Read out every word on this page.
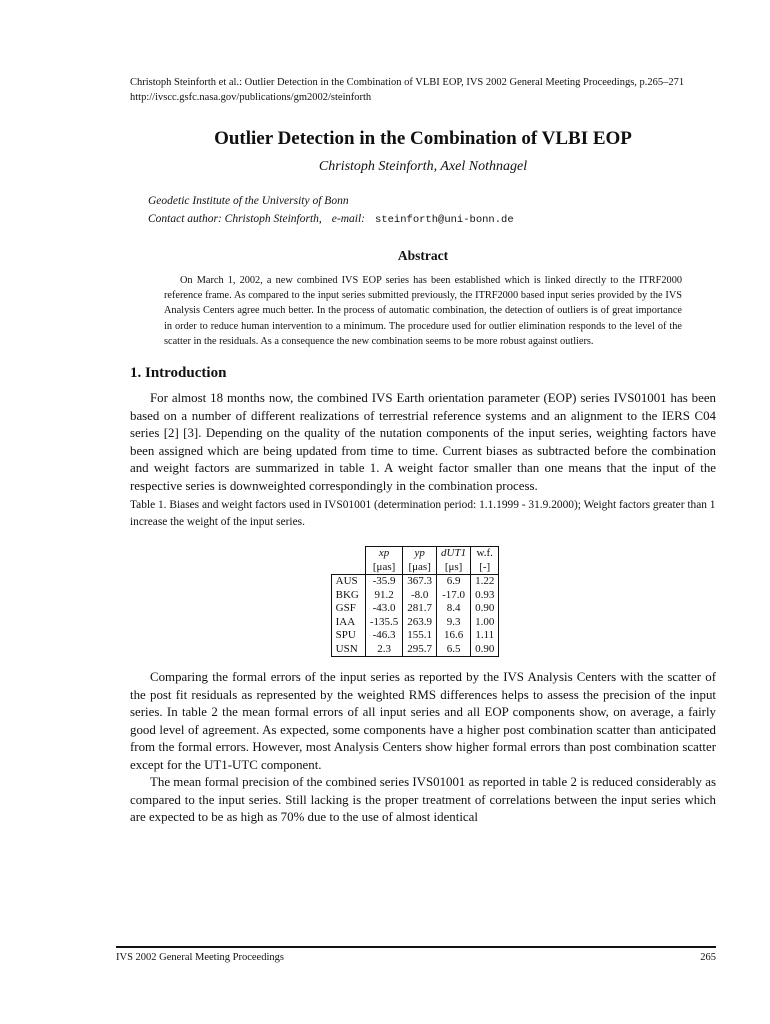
Christoph Steinforth et al.: Outlier Detection in the Combination of VLBI EOP, IVS 2002 General Meeting Proceedings, p.265–271
http://ivscc.gsfc.nasa.gov/publications/gm2002/steinforth
Outlier Detection in the Combination of VLBI EOP
Christoph Steinforth, Axel Nothnagel
Geodetic Institute of the University of Bonn
Contact author: Christoph Steinforth, e-mail: steinforth@uni-bonn.de
Abstract

On March 1, 2002, a new combined IVS EOP series has been established which is linked directly to the ITRF2000 reference frame. As compared to the input series submitted previously, the ITRF2000 based input series provided by the IVS Analysis Centers agree much better. In the process of automatic combination, the detection of outliers is of great importance in order to reduce human intervention to a minimum. The procedure used for outlier elimination responds to the level of the scatter in the residuals. As a consequence the new combination seems to be more robust against outliers.

1. Introduction

For almost 18 months now, the combined IVS Earth orientation parameter (EOP) series IVS01001 has been based on a number of different realizations of terrestrial reference systems and an alignment to the IERS C04 series [2] [3]. Depending on the quality of the nutation components of the input series, weighting factors have been assigned which are being updated from time to time. Current biases as subtracted before the combination and weight factors are summarized in table 1. A weight factor smaller than one means that the input of the respective series is downweighted correspondingly in the combination process.

Table 1. Biases and weight factors used in IVS01001 (determination period: 1.1.1999 - 31.9.2000); Weight factors greater than 1 increase the weight of the input series.
	xp	yp	dUT1	w.f.
	[μas]	[μas]	[μs]	[-]
AUS	-35.9	367.3	6.9	1.22
BKG	91.2	-8.0	-17.0	0.93
GSF	-43.0	281.7	8.4	0.90
IAA	-135.5	263.9	9.3	1.00
SPU	-46.3	155.1	16.6	1.11
USN	2.3	295.7	6.5	0.90

Comparing the formal errors of the input series as reported by the IVS Analysis Centers with the scatter of the post fit residuals as represented by the weighted RMS differences helps to assess the precision of the input series. In table 2 the mean formal errors of all input series and all EOP components show, on average, a fairly good level of agreement. As expected, some components have a higher post combination scatter than anticipated from the formal errors. However, most Analysis Centers show higher formal errors than post combination scatter except for the UT1-UTC component.

The mean formal precision of the combined series IVS01001 as reported in table 2 is reduced considerably as compared to the input series. Still lacking is the proper treatment of correlations between the input series which are expected to be as high as 70% due to the use of almost identical

IVS 2002 General Meeting Proceedings	265
